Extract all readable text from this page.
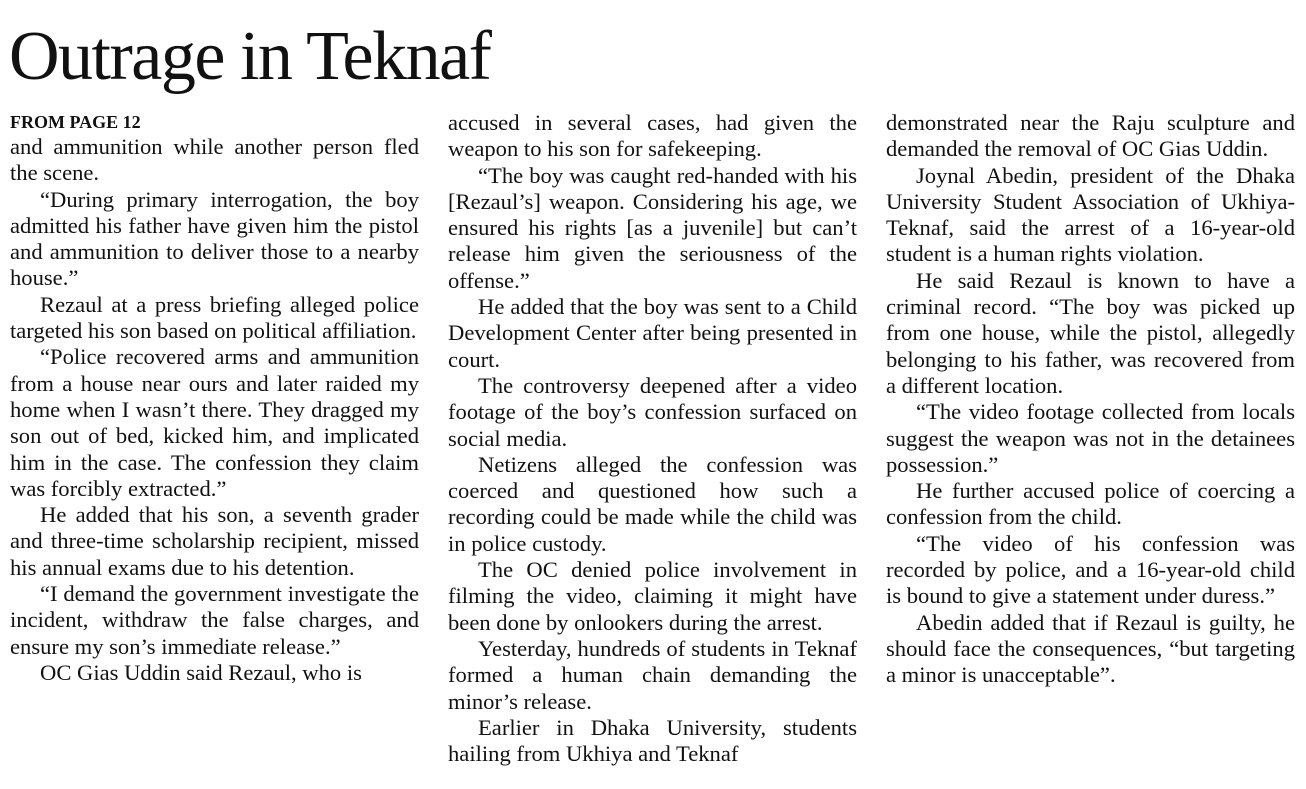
Outrage in Teknaf
FROM PAGE 12

and ammunition while another person fled the scene.

“During primary interrogation, the boy admitted his father have given him the pistol and ammunition to deliver those to a nearby house.”

Rezaul at a press briefing alleged police targeted his son based on political affiliation.

“Police recovered arms and ammunition from a house near ours and later raided my home when I wasn’t there. They dragged my son out of bed, kicked him, and implicated him in the case. The confession they claim was forcibly extracted.”

He added that his son, a seventh grader and three-time scholarship recipient, missed his annual exams due to his detention.

“I demand the government investigate the incident, withdraw the false charges, and ensure my son’s immediate release.”

OC Gias Uddin said Rezaul, who is

accused in several cases, had given the weapon to his son for safekeeping.

“The boy was caught red-handed with his [Rezaul’s] weapon. Considering his age, we ensured his rights [as a juvenile] but can’t release him given the seriousness of the offense.”

He added that the boy was sent to a Child Development Center after being presented in court.

The controversy deepened after a video footage of the boy’s confession surfaced on social media.

Netizens alleged the confession was coerced and questioned how such a recording could be made while the child was in police custody.

The OC denied police involvement in filming the video, claiming it might have been done by onlookers during the arrest.

Yesterday, hundreds of students in Teknaf formed a human chain demanding the minor’s release.

Earlier in Dhaka University, students hailing from Ukhiya and Teknaf

demonstrated near the Raju sculpture and demanded the removal of OC Gias Uddin.

Joynal Abedin, president of the Dhaka University Student Association of Ukhiya-Teknaf, said the arrest of a 16-year-old student is a human rights violation.

He said Rezaul is known to have a criminal record. “The boy was picked up from one house, while the pistol, allegedly belonging to his father, was recovered from a different location.

“The video footage collected from locals suggest the weapon was not in the detainees possession.”

He further accused police of coercing a confession from the child.

“The video of his confession was recorded by police, and a 16-year-old child is bound to give a statement under duress.”

Abedin added that if Rezaul is guilty, he should face the consequences, “but targeting a minor is unacceptable”.
